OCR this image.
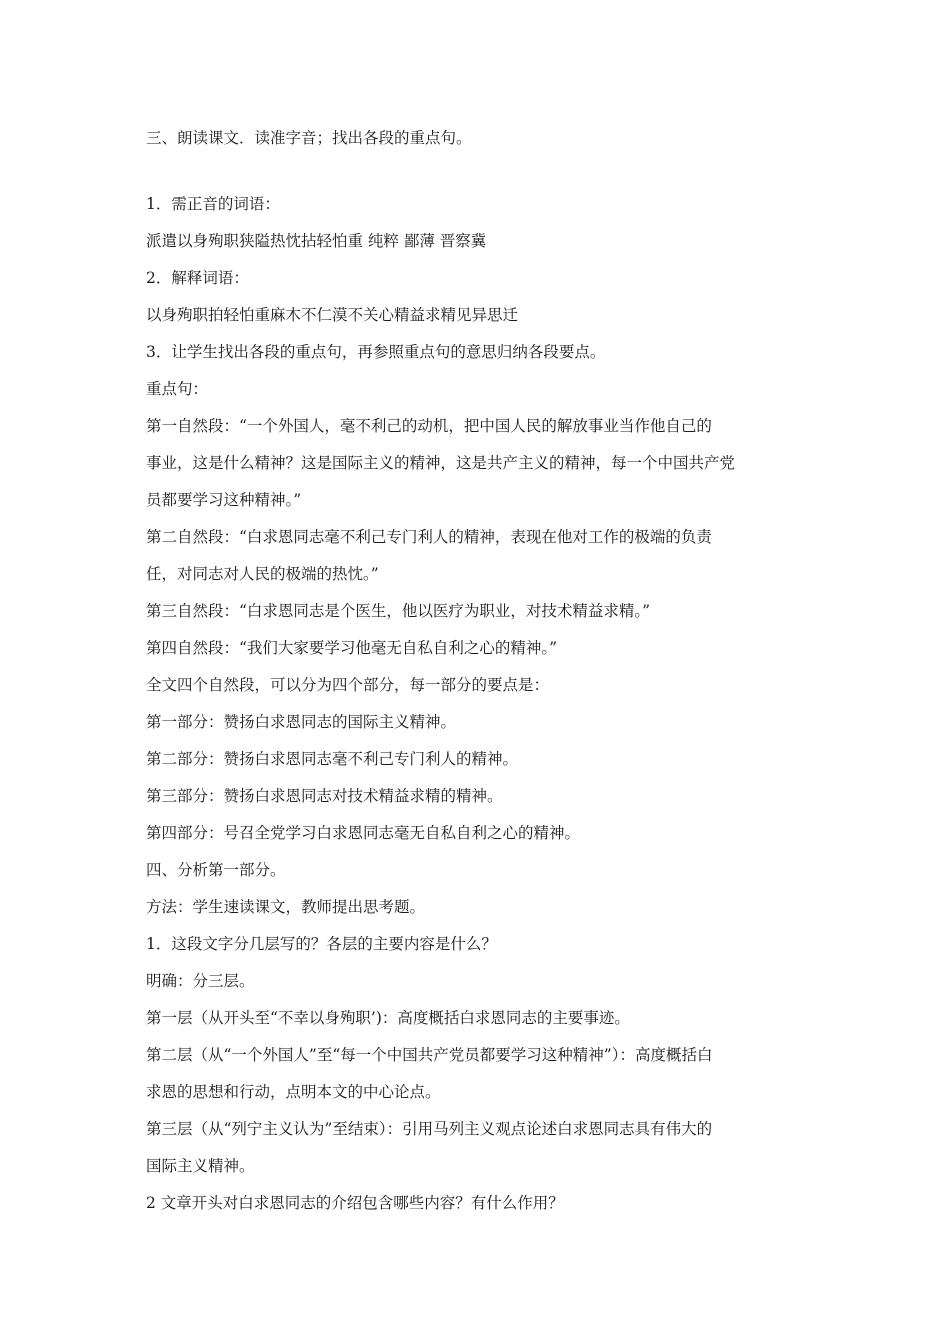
三、朗读课文．读准字音；找出各段的重点句。
1．需正音的词语：
派遣以身殉职狭隘热忱拈轻怕重 纯粹 鄙薄 晋察冀
2．解释词语：
以身殉职拍轻怕重麻木不仁漠不关心精益求精见异思迁
3．让学生找出各段的重点句，再参照重点句的意思归纳各段要点。
重点句：
第一自然段：“一个外国人，毫不利己的动机，把中国人民的解放事业当作他自己的
事业，这是什么精神？这是国际主义的精神，这是共产主义的精神，每一个中国共产党
员都要学习这种精神。”
第二自然段：“白求恩同志毫不利己专门利人的精神，表现在他对工作的极端的负责
任，对同志对人民的极端的热忱。”
第三自然段：“白求恩同志是个医生，他以医疗为职业，对技术精益求精。”
第四自然段：“我们大家要学习他毫无自私自利之心的精神。”
全文四个自然段，可以分为四个部分，每一部分的要点是：
第一部分：赞扬白求恩同志的国际主义精神。
第二部分：赞扬白求恩同志毫不利己专门利人的精神。
第三部分：赞扬白求恩同志对技术精益求精的精神。
第四部分：号召全党学习白求恩同志毫无自私自利之心的精神。
四、分析第一部分。
方法：学生速读课文，教师提出思考题。
1．这段文字分几层写的？各层的主要内容是什么？
明确：分三层。
第一层（从开头至“不幸以身殉职’)：高度概括白求恩同志的主要事迹。
第二层（从“一个外国人”至“每一个中国共产党员都要学习这种精神”）：高度概括白
求恩的思想和行动，点明本文的中心论点。
第三层（从“列宁主义认为”至结束）：引用马列主义观点论述白求恩同志具有伟大的
国际主义精神。
2 文章开头对白求恩同志的介绍包含哪些内容？有什么作用？
